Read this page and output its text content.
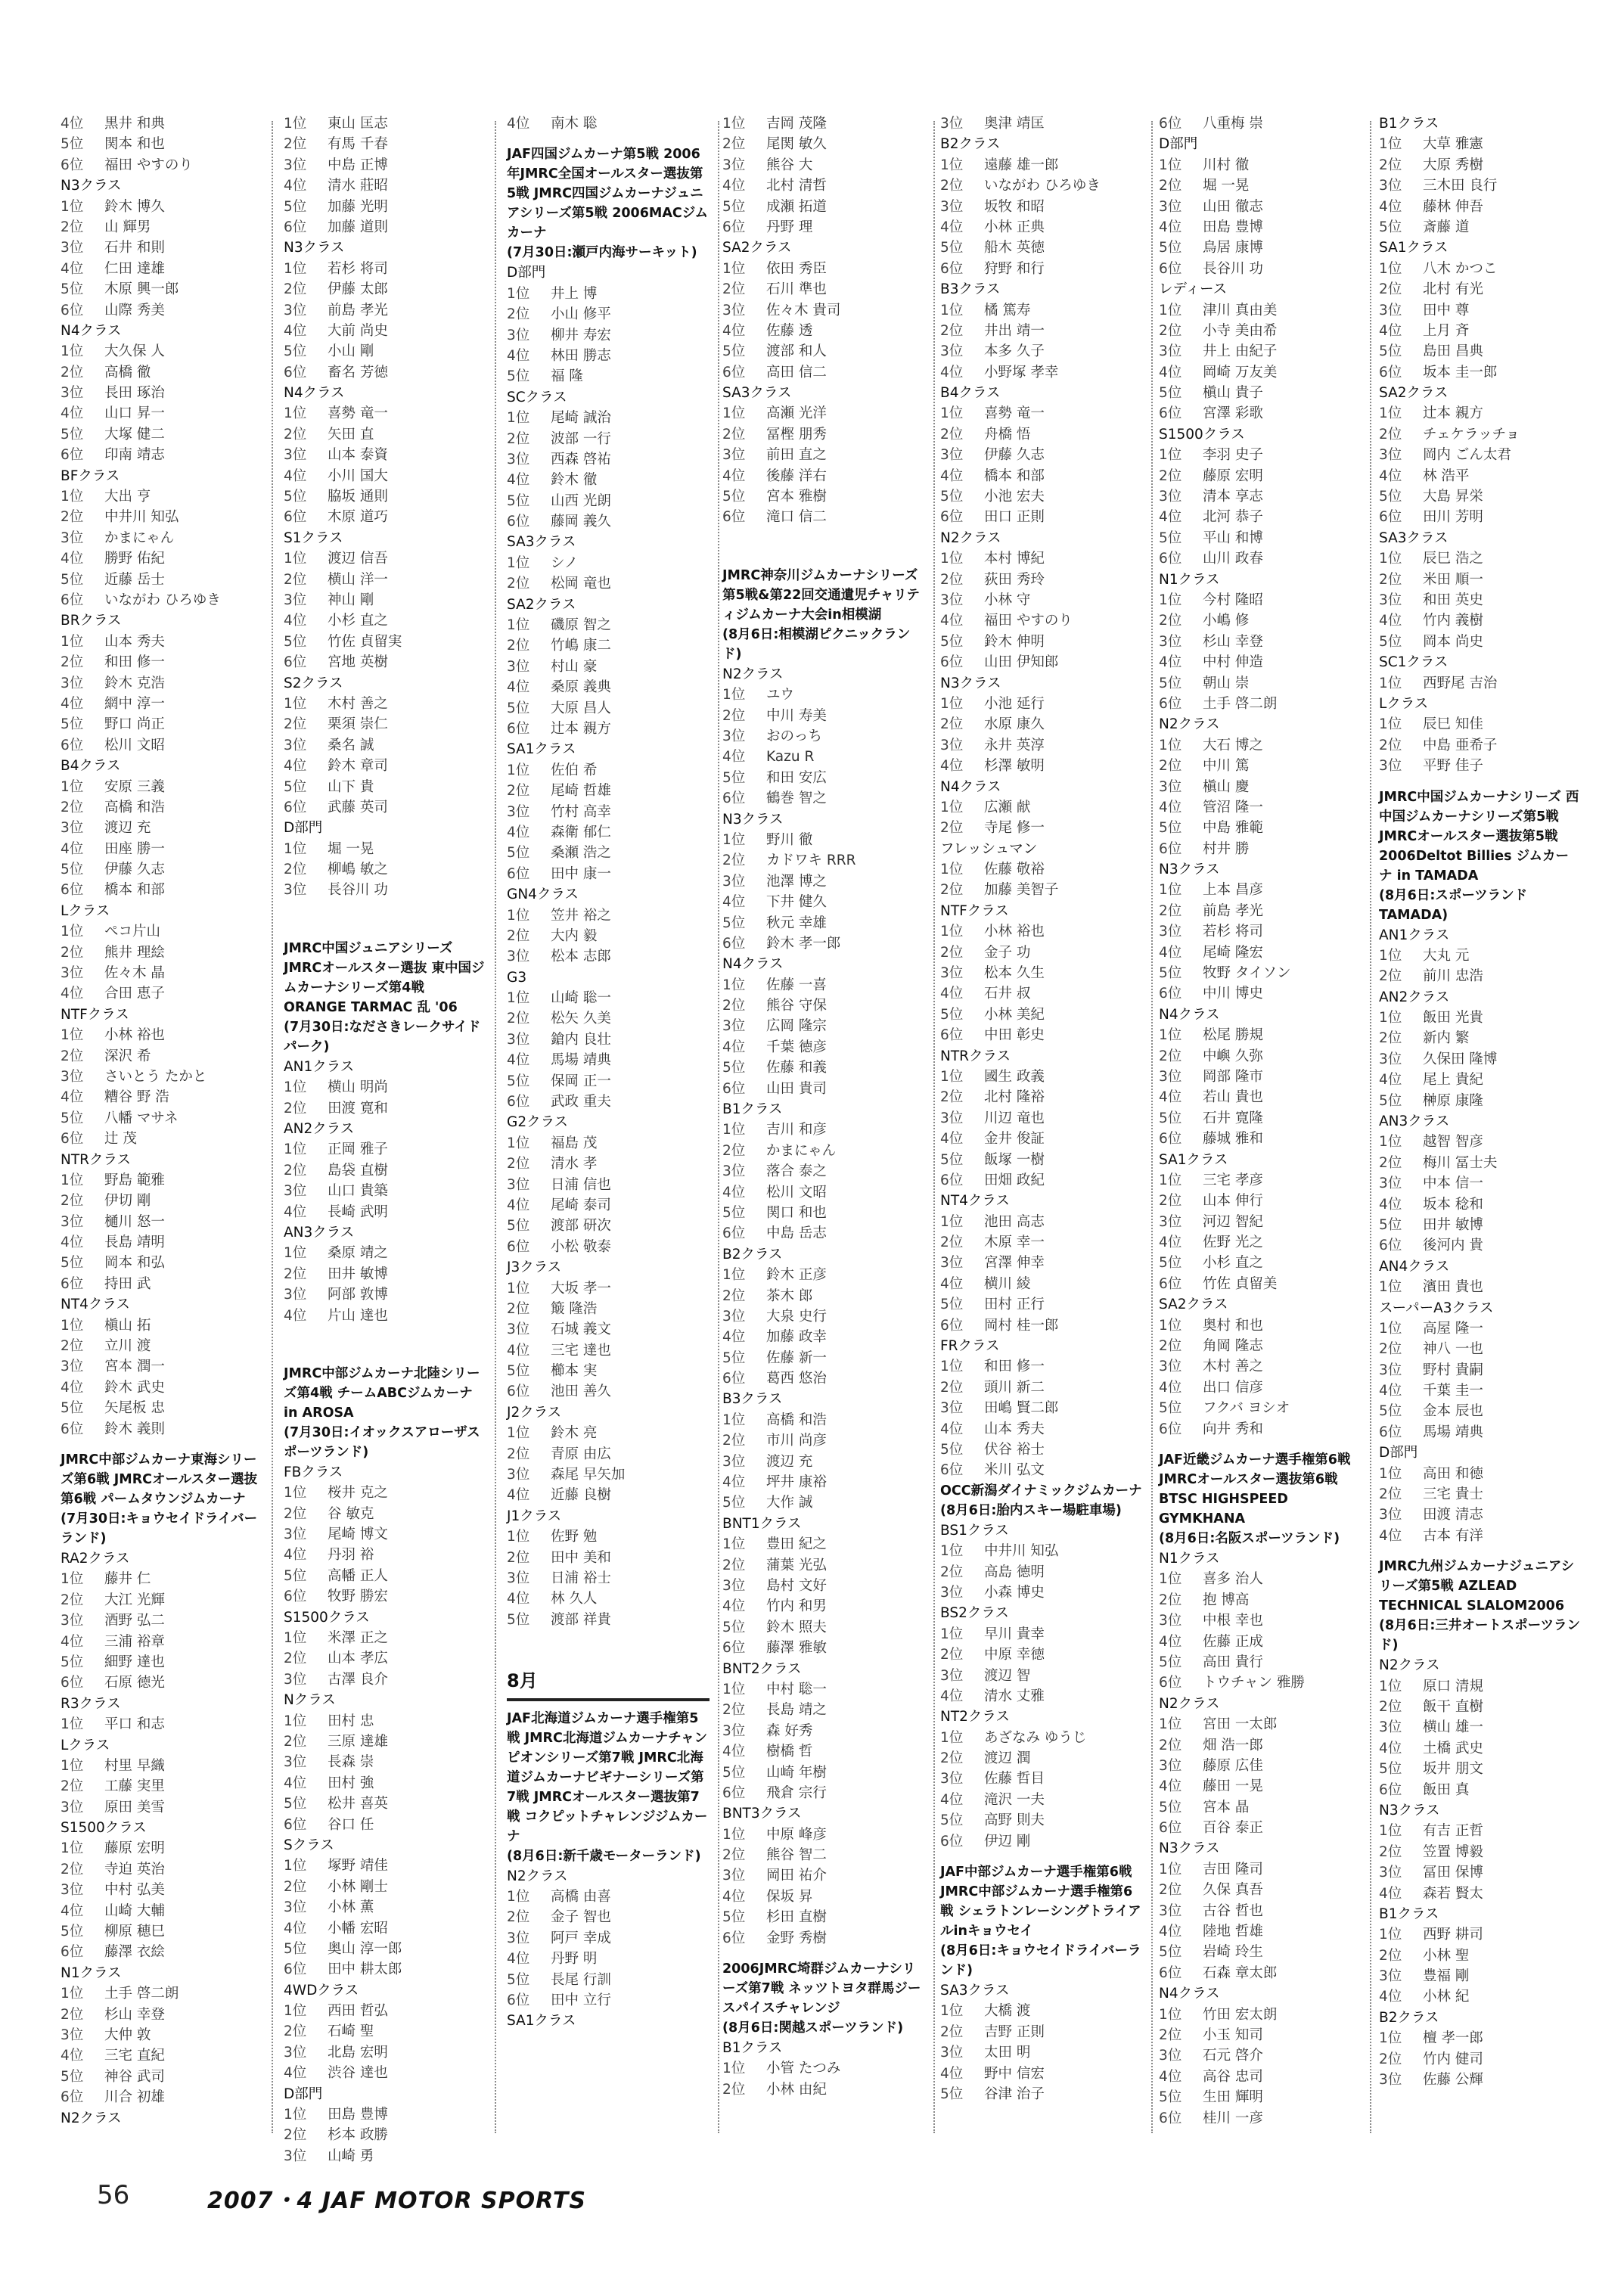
4位 黒井 和典
5位 関本 和也
6位 福田 やすのり
N3クラス
1位 鈴木 博久
2位 山 輝男
3位 石井 和則
4位 仁田 達雄
5位 木原 興一郎
6位 山際 秀美
N4クラス
1位 大久保 人
2位 高橋 徹
3位 長田 琢治
4位 山口 昇一
5位 大塚 健二
6位 印南 靖志
BFクラス
1位 大出 亨
2位 中井川 知弘
3位 かまにゃん
4位 勝野 佑紀
5位 近藤 岳士
6位 いながわ ひろゆき
BRクラス
1位 山本 秀夫
2位 和田 修一
3位 鈴木 克浩
4位 網中 淳一
5位 野口 尚正
6位 松川 文昭
B4クラス
1位 安原 三義
2位 高橋 和浩
3位 渡辺 充
4位 田座 勝一
5位 伊藤 久志
6位 橋本 和部
Lクラス
1位 ペコ片山
2位 熊井 理絵
3位 佐々木 晶
4位 合田 恵子
NTFクラス
1位 小林 裕也
2位 深沢 希
3位 さいとう たかと
4位 糟谷 野 浩
5位 八幡 マサネ
6位 辻 茂
NTRクラス
1位 野島 範雅
2位 伊切 剛
3位 樋川 怒一
4位 長島 靖明
5位 岡本 和弘
6位 持田 武
NT4クラス
1位 槇山 拓
2位 立川 渡
3位 宮本 潤一
4位 鈴木 武史
5位 矢尾板 忠
6位 鈴木 義則
JMRC中部ジムカーナ東海シリーズ第6戦 JMRCオールスター選抜第6戦 パームタウンジムカーナ
(7月30日:キョウセイドライバーランド)
RA2クラス
1位 藤井 仁
2位 大江 光輝
3位 酒野 弘二
4位 三浦 裕章
5位 細野 達也
6位 石原 徳光
R3クラス
1位 平口 和志
Lクラス
1位 村里 早織
2位 工藤 実里
3位 原田 美雪
S1500クラス
1位 藤原 宏明
2位 寺迫 英治
3位 中村 弘美
4位 山崎 大輔
5位 柳原 穂巳
6位 藤澤 衣絵
N1クラス
1位 土手 啓二朗
2位 杉山 幸登
3位 大仲 敦
4位 三宅 直紀
5位 神谷 武司
6位 川合 初雄
N2クラス
1位 東山 匡志
2位 有馬 千春
3位 中島 正博
4位 清水 莊昭
5位 加藤 光明
6位 加藤 道則
N3クラス
1位 若杉 将司
2位 伊藤 太郎
3位 前島 孝光
4位 大前 尚史
5位 小山 剛
6位 畜名 芳徳
N4クラス
1位 喜勢 竜一
2位 矢田 直
3位 山本 泰資
4位 小川 国大
5位 脇坂 通則
6位 木原 道巧
S1クラス
1位 渡辺 信吾
2位 横山 洋一
3位 神山 剛
4位 小杉 直之
5位 竹佐 貞留実
6位 宮地 英樹
S2クラス
1位 木村 善之
2位 栗須 崇仁
3位 桑名 誠
4位 鈴木 章司
5位 山下 貴
6位 武藤 英司
D部門
1位 堀 一晃
2位 柳嶋 敏之
3位 長谷川 功
JMRC中国ジュニアシリーズ JMRCオールスター選抜 東中国ジムカーナシリーズ第4戦 ORANGE TARMAC 乱 '06
(7月30日:なださきレークサイドパーク)
AN1クラス
1位 横山 明尚
2位 田渡 寛和
AN2クラス
1位 正岡 雅子
2位 島袋 直樹
3位 山口 貴築
4位 長崎 武明
AN3クラス
1位 桑原 靖之
2位 田井 敏博
3位 阿部 敦博
4位 片山 達也
JMRC中部ジムカーナ北陸シリーズ第4戦 チームABCジムカーナin AROSA
(7月30日:イオックスアローザスポーツランド)
FBクラス
1位 桜井 克之
2位 谷 敏克
3位 尾崎 博文
4位 丹羽 裕
5位 高幡 正人
6位 牧野 勝宏
S1500クラス
1位 米澤 正之
2位 山本 孝広
3位 古澤 良介
Nクラス
1位 田村 忠
2位 三原 達雄
3位 長森 崇
4位 田村 強
5位 松井 喜英
6位 谷口 任
Sクラス
1位 塚野 靖佳
2位 小林 剛士
3位 小林 薫
4位 小幡 宏昭
5位 奥山 淳一郎
6位 田中 耕太郎
4WDクラス
1位 西田 哲弘
2位 石崎 聖
3位 北島 宏明
4位 渋谷 達也
D部門
1位 田島 豊博
2位 杉本 政勝
3位 山崎 勇
4位 南木 聡
JAF四国ジムカーナ第5戦 2006年JMRC全国オールスター選抜第5戦 JMRC四国ジムカーナジュニアシリーズ第5戦 2006MACジムカーナ
(7月30日:瀬戸内海サーキット)
D部門
1位 井上 博
2位 小山 修平
3位 柳井 寿宏
4位 林田 勝志
5位 福 隆
SCクラス
1位 尾崎 誠治
2位 波部 一行
3位 西森 啓祐
4位 鈴木 徹
5位 山西 光朗
6位 藤岡 義久
SA3クラス
1位 シノ
2位 松岡 竜也
SA2クラス
1位 磯原 智之
2位 竹嶋 康二
3位 村山 豪
4位 桑原 義典
5位 大原 昌人
6位 辻本 親方
SA1クラス
1位 佐伯 希
2位 尾崎 哲雄
3位 竹村 高幸
4位 森衛 郁仁
5位 桑瀬 浩之
6位 田中 康一
GN4クラス
1位 笠井 裕之
2位 大内 毅
3位 松本 志郎
G3
1位 山崎 聡一
2位 松矢 久美
3位 鎗内 良壮
4位 馬場 靖典
5位 保岡 正一
6位 武政 重夫
G2クラス
1位 福島 茂
2位 清水 孝
3位 日浦 信也
4位 尾崎 泰司
5位 渡部 研次
6位 小松 敬泰
J3クラス
1位 大坂 孝一
2位 簸 隆浩
3位 石城 義文
4位 三宅 達也
5位 櫛本 実
6位 池田 善久
J2クラス
1位 鈴木 亮
2位 青原 由広
3位 森尾 早矢加
4位 近藤 良樹
J1クラス
1位 佐野 勉
2位 田中 美和
3位 日浦 裕士
4位 林 久人
5位 渡部 祥貴
8月
JAF北海道ジムカーナ選手権第5戦 JMRC北海道ジムカーナチャンピオンシリーズ第7戦 JMRC北海道ジムカーナビギナーシリーズ第7戦 JMRCオールスター選抜第7戦 コクピットチャレンジジムカーナ
(8月6日:新千歳モーターランド)
N2クラス
1位 高橋 由喜
2位 金子 智也
3位 阿戸 幸成
4位 丹野 明
5位 長尾 行訓
6位 田中 立行
SA1クラス
1位 吉岡 茂隆
2位 尾関 敏久
3位 熊谷 大
4位 北村 清哲
5位 成瀬 拓道
6位 丹野 理
SA2クラス
1位 依田 秀臣
2位 石川 準也
3位 佐々木 貴司
4位 佐藤 透
5位 渡部 和人
6位 高田 信二
SA3クラス
1位 高瀬 光洋
2位 冨樫 朋秀
3位 前田 直之
4位 後藤 洋右
5位 宮本 雅樹
6位 滝口 信二
JMRC神奈川ジムカーナシリーズ第5戦&第22回交通遺児チャリティジムカーナ大会in相模湖
(8月6日:相模湖ピクニックランド)
N2クラス
1位 ユウ
2位 中川 寿美
3位 おのっち
4位 Kazu R
5位 和田 安広
6位 鶴巻 智之
N3クラス
1位 野川 徹
2位 カドワキ RRR
3位 池澤 博之
4位 下井 健久
5位 秋元 幸雄
6位 鈴木 孝一郎
N4クラス
1位 佐藤 一喜
2位 熊谷 守保
3位 広岡 隆宗
4位 千葉 徳彦
5位 佐藤 和義
6位 山田 貴司
B1クラス
1位 吉川 和彦
2位 かまにゃん
3位 落合 泰之
4位 松川 文昭
5位 関口 和也
6位 中島 岳志
B2クラス
1位 鈴木 正彦
2位 茶木 郎
3位 大泉 史行
4位 加藤 政幸
5位 佐藤 新一
6位 葛西 悠治
B3クラス
1位 高橋 和浩
2位 市川 尚彦
3位 渡辺 充
4位 坪井 康裕
5位 大作 誠
BNT1クラス
1位 豊田 紀之
2位 蒲葉 光弘
3位 島村 文好
4位 竹内 和男
5位 鈴木 照夫
6位 藤澤 雅敏
BNT2クラス
1位 中村 聡一
2位 長島 靖之
3位 森 好秀
4位 樹橋 哲
5位 山崎 年樹
6位 飛倉 宗行
BNT3クラス
1位 中原 峰彦
2位 熊谷 智二
3位 岡田 祐介
4位 保坂 昇
5位 杉田 直樹
6位 金野 秀樹
2006JMRC埼群ジムカーナシリーズ第7戦 ネッツトヨタ群馬ジースパイスチャレンジ
(8月6日:関越スポーツランド)
B1クラス
1位 小管 たつみ
2位 小林 由紀
3位 奥津 靖匡
B2クラス
1位 遠藤 雄一郎
2位 いながわ ひろゆき
3位 坂牧 和昭
4位 小林 正典
5位 船木 英徳
6位 狩野 和行
B3クラス
1位 橘 篤寿
2位 井出 靖一
3位 本多 久子
4位 小野塚 孝幸
B4クラス
1位 喜勢 竜一
2位 舟橋 悟
3位 伊藤 久志
4位 橋本 和部
5位 小池 宏夫
6位 田口 正則
N2クラス
1位 本村 博紀
2位 荻田 秀玲
3位 小林 守
4位 福田 やすのり
5位 鈴木 伸明
6位 山田 伊知郎
N3クラス
1位 小池 延行
2位 水原 康久
3位 永井 英淳
4位 杉澤 敏明
N4クラス
1位 広瀬 献
2位 寺尾 修一
フレッシュマン
1位 佐藤 敬裕
2位 加藤 美智子
NTFクラス
1位 小林 裕也
2位 金子 功
3位 松本 久生
4位 石井 叔
5位 小林 美紀
6位 中田 彰史
NTRクラス
1位 國生 政義
2位 北村 隆裕
3位 川辺 竜也
4位 金井 俊証
5位 飯塚 一樹
6位 田畑 政紀
NT4クラス
1位 池田 高志
2位 木原 幸一
3位 宮澤 伸幸
4位 横川 綾
5位 田村 正行
6位 岡村 桂一郎
FRクラス
1位 和田 修一
2位 頭川 新二
3位 田嶋 賢二郎
4位 山本 秀夫
5位 伏谷 裕士
6位 米川 弘文
OCC新潟ダイナミックジムカーナ
(8月6日:胎内スキー場駐車場)
BS1クラス
1位 中井川 知弘
2位 高島 徳明
3位 小森 博史
BS2クラス
1位 早川 貴幸
2位 中原 幸徳
3位 渡辺 智
4位 清水 丈雅
NT2クラス
1位 あざなみ ゆうじ
2位 渡辺 潤
3位 佐藤 哲目
4位 滝沢 一夫
5位 高野 則夫
6位 伊辺 剛
JAF中部ジムカーナ選手権第6戦 JMRC中部ジムカーナ選手権第6戦 シェラトンレーシングトライアルinキョウセイ
(8月6日:キョウセイドライバーランド)
SA3クラス
1位 大橋 渡
2位 吉野 正則
3位 太田 明
4位 野中 信宏
5位 谷津 治子
6位 八重梅 崇
D部門
1位 川村 徹
2位 堀 一晃
3位 山田 徹志
4位 田島 豊博
5位 鳥居 康博
6位 長谷川 功
レディース
1位 津川 真由美
2位 小寺 美由希
3位 井上 由紀子
4位 岡崎 万友美
5位 槇山 貴子
6位 宮澤 彩歌
S1500クラス
1位 李羽 史子
2位 藤原 宏明
3位 清本 享志
4位 北河 恭子
5位 平山 和博
6位 山川 政春
N1クラス
1位 今村 隆昭
2位 小嶋 修
3位 杉山 幸登
4位 中村 伸造
5位 朝山 崇
6位 土手 啓二朗
N2クラス
1位 大石 博之
2位 中川 篤
3位 槇山 慶
4位 管沼 隆一
5位 中島 雅範
6位 村井 勝
N3クラス
1位 上本 昌彦
2位 前島 孝光
3位 若杉 将司
4位 尾崎 隆宏
5位 牧野 タイソン
6位 中川 博史
N4クラス
1位 松尾 勝規
2位 中嶼 久弥
3位 岡部 隆市
4位 若山 貴也
5位 石井 寛隆
6位 藤城 雅和
SA1クラス
1位 三宅 孝彦
2位 山本 伸行
3位 河辺 智紀
4位 佐野 光之
5位 小杉 直之
6位 竹佐 貞留美
SA2クラス
1位 奥村 和也
2位 角岡 隆志
3位 木村 善之
4位 出口 信彦
5位 フクバ ヨシオ
6位 向井 秀和
JAF近畿ジムカーナ選手権第6戦 JMRCオールスター選抜第6戦BTSC HIGHSPEED GYMKHANA
(8月6日:名阪スポーツランド)
N1クラス
1位 喜多 治人
2位 抱 博高
3位 中根 幸也
4位 佐藤 正成
5位 高田 貴行
6位 トウチャン 雅勝
N2クラス
1位 宮田 一太郎
2位 畑 浩一郎
3位 藤原 広佳
4位 藤田 一晃
5位 宮本 晶
6位 百谷 泰正
N3クラス
1位 吉田 隆司
2位 久保 真吾
3位 古谷 哲也
4位 陸地 哲雄
5位 岩崎 玲生
6位 石森 章太郎
N4クラス
1位 竹田 宏太朗
2位 小玉 知司
3位 石元 啓介
4位 高谷 忠司
5位 生田 輝明
6位 桂川 一彦
B1クラス
1位 大草 雅憲
2位 大原 秀樹
3位 三木田 良行
4位 藤林 伸吾
5位 斎藤 道
SA1クラス
1位 八木 かつこ
2位 北村 有光
3位 田中 尊
4位 上月 斉
5位 島田 昌典
6位 坂本 圭一郎
SA2クラス
1位 辻本 親方
2位 チェケラッチョ
3位 岡内 ごん太君
4位 林 浩平
5位 大島 昇栄
6位 田川 芳明
SA3クラス
1位 辰巳 浩之
2位 米田 順一
3位 和田 英史
4位 竹内 義樹
5位 岡本 尚史
SC1クラス
1位 西野尾 吉治
Lクラス
1位 辰巳 知佳
2位 中島 亜希子
3位 平野 佳子
JMRC中国ジムカーナシリーズ 西中国ジムカーナシリーズ第5戦 JMRCオールスター選抜第5戦 2006Deltot Billies ジムカーナ in TAMADA
(8月6日:スポーツランドTAMADA)
AN1クラス
1位 大丸 元
2位 前川 忠浩
AN2クラス
1位 飯田 光貴
2位 新内 繁
3位 久保田 隆博
4位 尾上 貴紀
5位 榊原 康隆
AN3クラス
1位 越智 智彦
2位 梅川 冨士夫
3位 中本 信一
4位 坂本 稔和
5位 田井 敏博
6位 後河内 貴
AN4クラス
1位 濱田 貴也
スーパーA3クラス
1位 高屋 隆一
2位 神八 一也
3位 野村 貴嗣
4位 千葉 圭一
5位 金本 辰也
6位 馬場 靖典
D部門
1位 高田 和徳
2位 三宅 貴士
3位 田渡 清志
4位 古本 有洋
JMRC九州ジムカーナジュニアシリーズ第5戦 AZLEAD TECHNICAL SLALOM2006
(8月6日:三井オートスポーツランド)
N2クラス
1位 原口 清規
2位 飯干 直樹
3位 横山 雄一
4位 土橋 武史
5位 坂井 朋文
6位 飯田 真
N3クラス
1位 有吉 正哲
2位 笠置 博毅
3位 冨田 保博
4位 森若 賢太
B1クラス
1位 西野 耕司
2位 小林 聖
3位 豊福 剛
4位 小林 紀
B2クラス
1位 檀 孝一郎
2位 竹内 健司
3位 佐藤 公輝
56	2007・4 JAF MOTOR SPORTS
